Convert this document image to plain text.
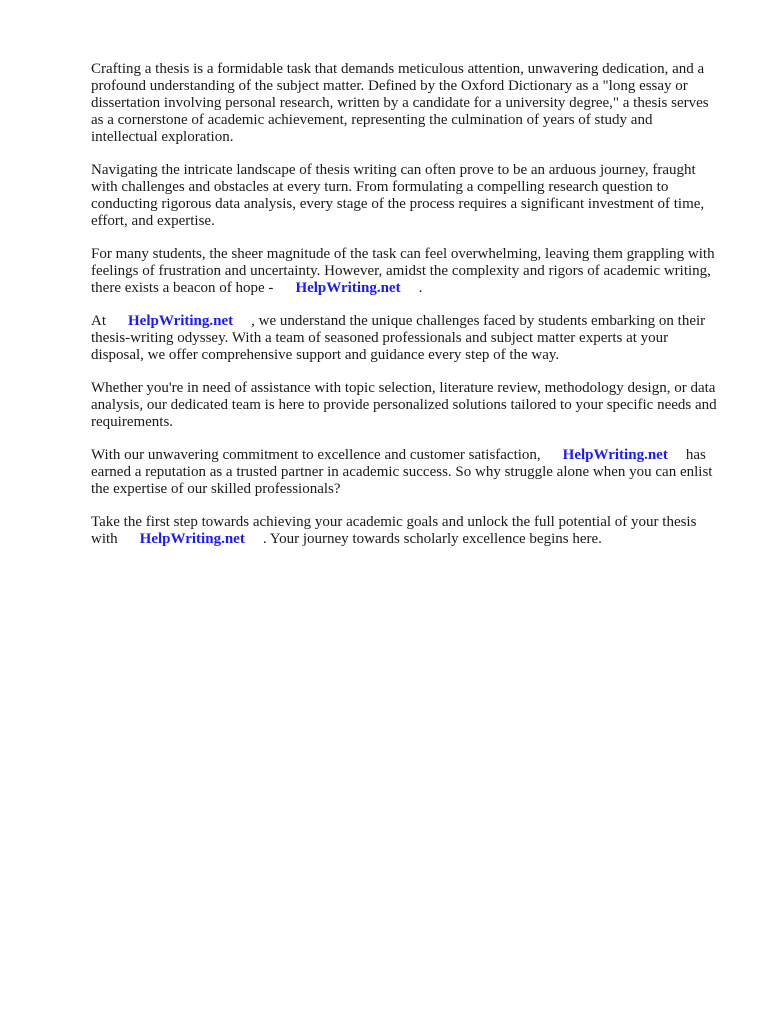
Crafting a thesis is a formidable task that demands meticulous attention, unwavering dedication, and a profound understanding of the subject matter. Defined by the Oxford Dictionary as a "long essay or dissertation involving personal research, written by a candidate for a university degree," a thesis serves as a cornerstone of academic achievement, representing the culmination of years of study and intellectual exploration.

Navigating the intricate landscape of thesis writing can often prove to be an arduous journey, fraught with challenges and obstacles at every turn. From formulating a compelling research question to conducting rigorous data analysis, every stage of the process requires a significant investment of time, effort, and expertise.

For many students, the sheer magnitude of the task can feel overwhelming, leaving them grappling with feelings of frustration and uncertainty. However, amidst the complexity and rigors of academic writing, there exists a beacon of hope - HelpWriting.net .

At HelpWriting.net , we understand the unique challenges faced by students embarking on their thesis-writing odyssey. With a team of seasoned professionals and subject matter experts at your disposal, we offer comprehensive support and guidance every step of the way.

Whether you're in need of assistance with topic selection, literature review, methodology design, or data analysis, our dedicated team is here to provide personalized solutions tailored to your specific needs and requirements.

With our unwavering commitment to excellence and customer satisfaction, HelpWriting.net has earned a reputation as a trusted partner in academic success. So why struggle alone when you can enlist the expertise of our skilled professionals?

Take the first step towards achieving your academic goals and unlock the full potential of your thesis with HelpWriting.net . Your journey towards scholarly excellence begins here.
